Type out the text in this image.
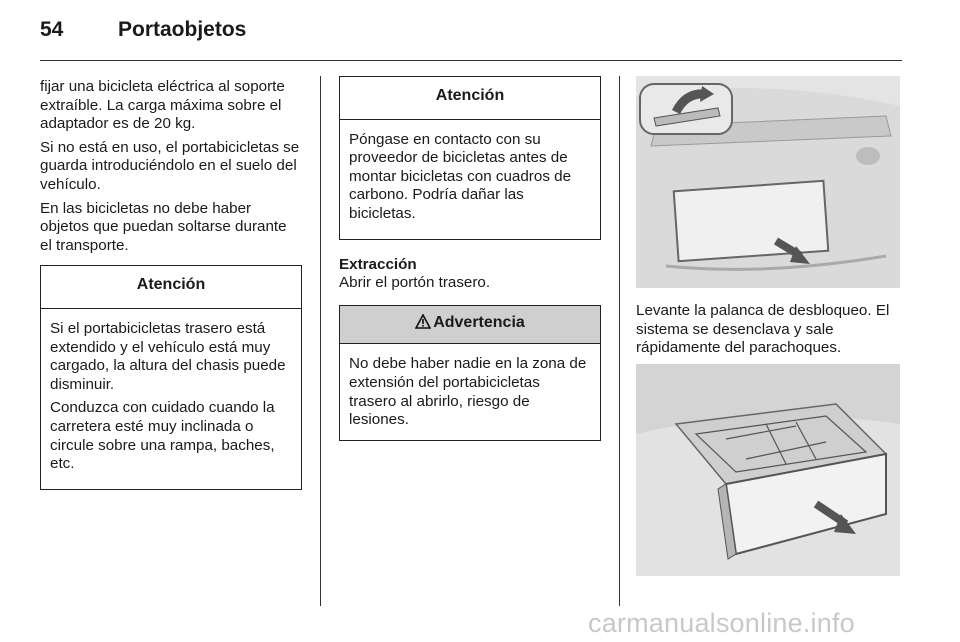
54	Portaobjetos

fijar una bicicleta eléctrica al soporte extraíble. La carga máxima sobre el adaptador es de 20 kg.

Si no está en uso, el portabicicletas se guarda introduciéndolo en el suelo del vehículo.

En las bicicletas no debe haber objetos que puedan soltarse durante el transporte.

Atención

Si el portabicicletas trasero está extendido y el vehículo está muy cargado, la altura del chasis puede disminuir.

Conduzca con cuidado cuando la carretera esté muy inclinada o circule sobre una rampa, baches, etc.

Atención

Póngase en contacto con su proveedor de bicicletas antes de montar bicicletas con cuadros de carbono. Podría dañar las bicicletas.

Extracción
Abrir el portón trasero.
Advertencia

No debe haber nadie en la zona de extensión del portabicicletas trasero al abrirlo, riesgo de lesiones.

Levante la palanca de desbloqueo. El sistema se desenclava y sale rápidamente del parachoques.

carmanualsonline.info
